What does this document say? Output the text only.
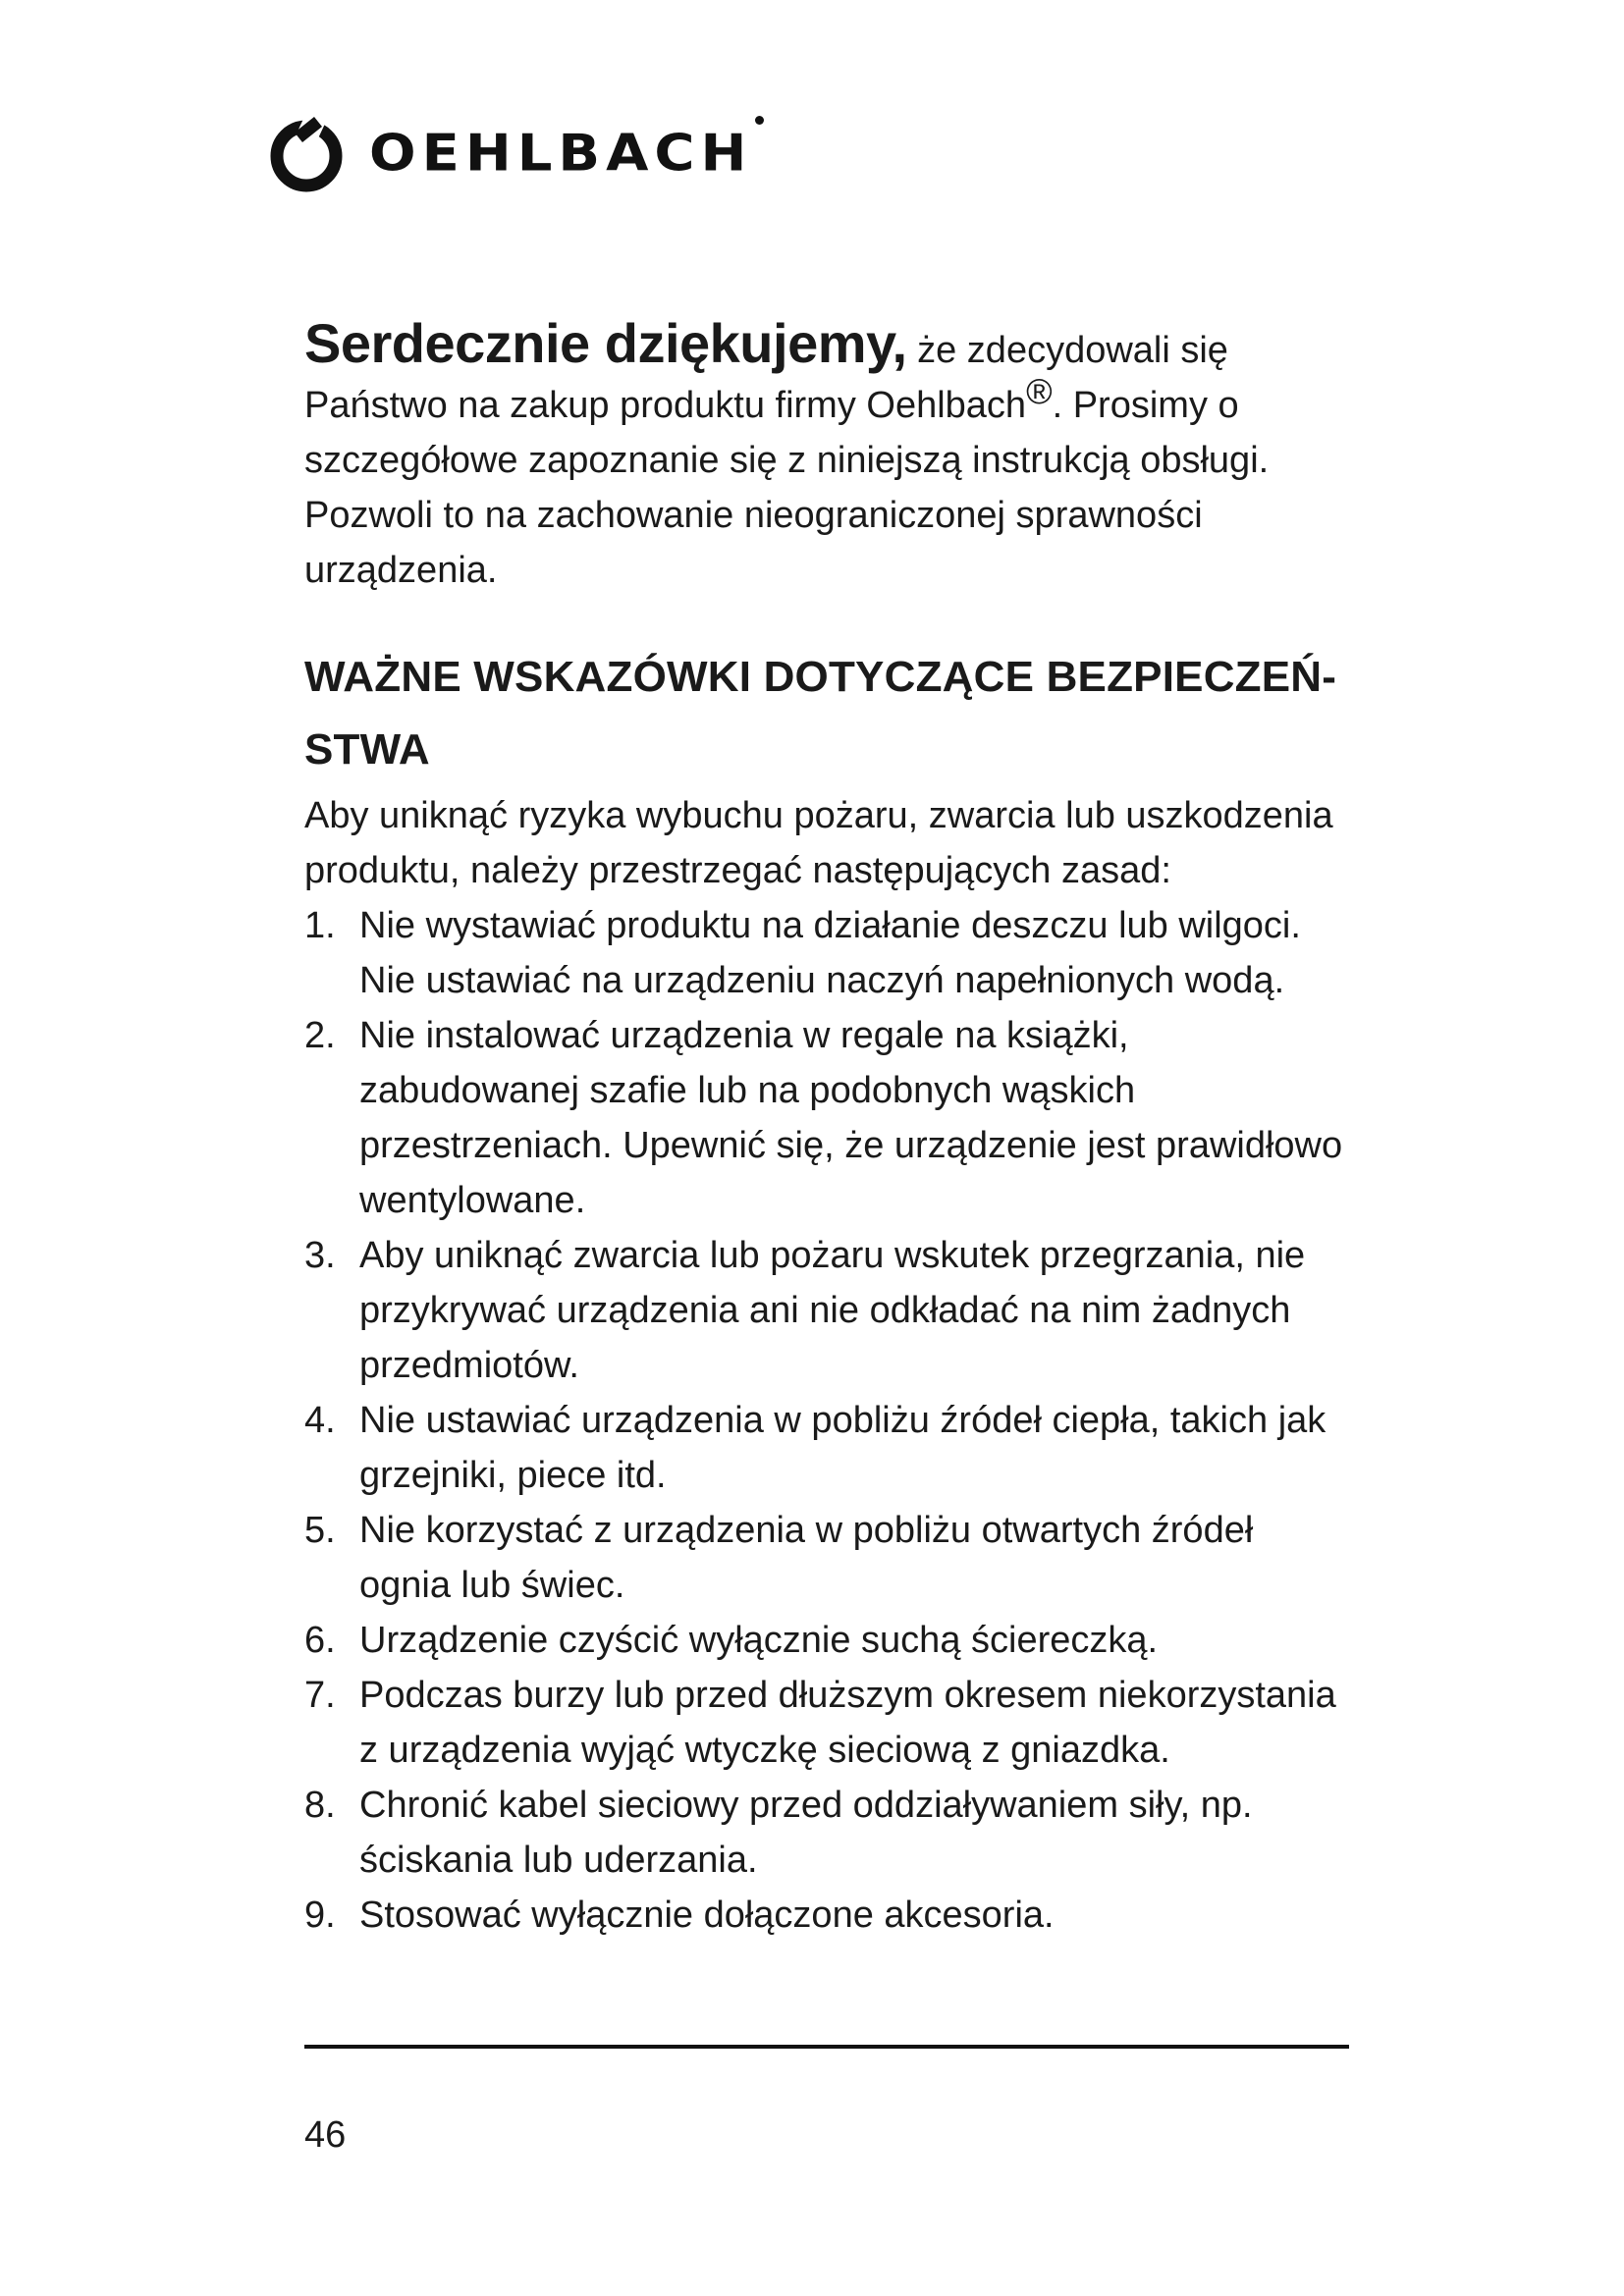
OEHLBACH

Serdecznie dziękujemy, że zdecydowali się Państwo na zakup produktu firmy Oehlbach®. Prosimy o szczegółowe zapoznanie się z niniejszą instrukcją obsługi. Pozwoli to na zachowanie nieograniczonej sprawności urządzenia.

WAŻNE WSKAZÓWKI DOTYCZĄCE BEZPIECZEŃ-STWA

Aby uniknąć ryzyka wybuchu pożaru, zwarcia lub uszkodzenia produktu, należy przestrzegać następujących zasad:

1. Nie wystawiać produktu na działanie deszczu lub wilgoci. Nie ustawiać na urządzeniu naczyń napełnionych wodą.
2. Nie instalować urządzenia w regale na książki, zabudowanej szafie lub na podobnych wąskich przestrzeniach. Upewnić się, że urządzenie jest prawidłowo wentylowane.
3. Aby uniknąć zwarcia lub pożaru wskutek przegrzania, nie przykrywać urządzenia ani nie odkładać na nim żadnych przedmiotów.
4. Nie ustawiać urządzenia w pobliżu źródeł ciepła, takich jak grzejniki, piece itd.
5. Nie korzystać z urządzenia w pobliżu otwartych źródeł ognia lub świec.
6. Urządzenie czyścić wyłącznie suchą ściereczką.
7. Podczas burzy lub przed dłuższym okresem niekorzystania z urządzenia wyjąć wtyczkę sieciową z gniazdka.
8. Chronić kabel sieciowy przed oddziaływaniem siły, np. ściskania lub uderzania.
9. Stosować wyłącznie dołączone akcesoria.
46
